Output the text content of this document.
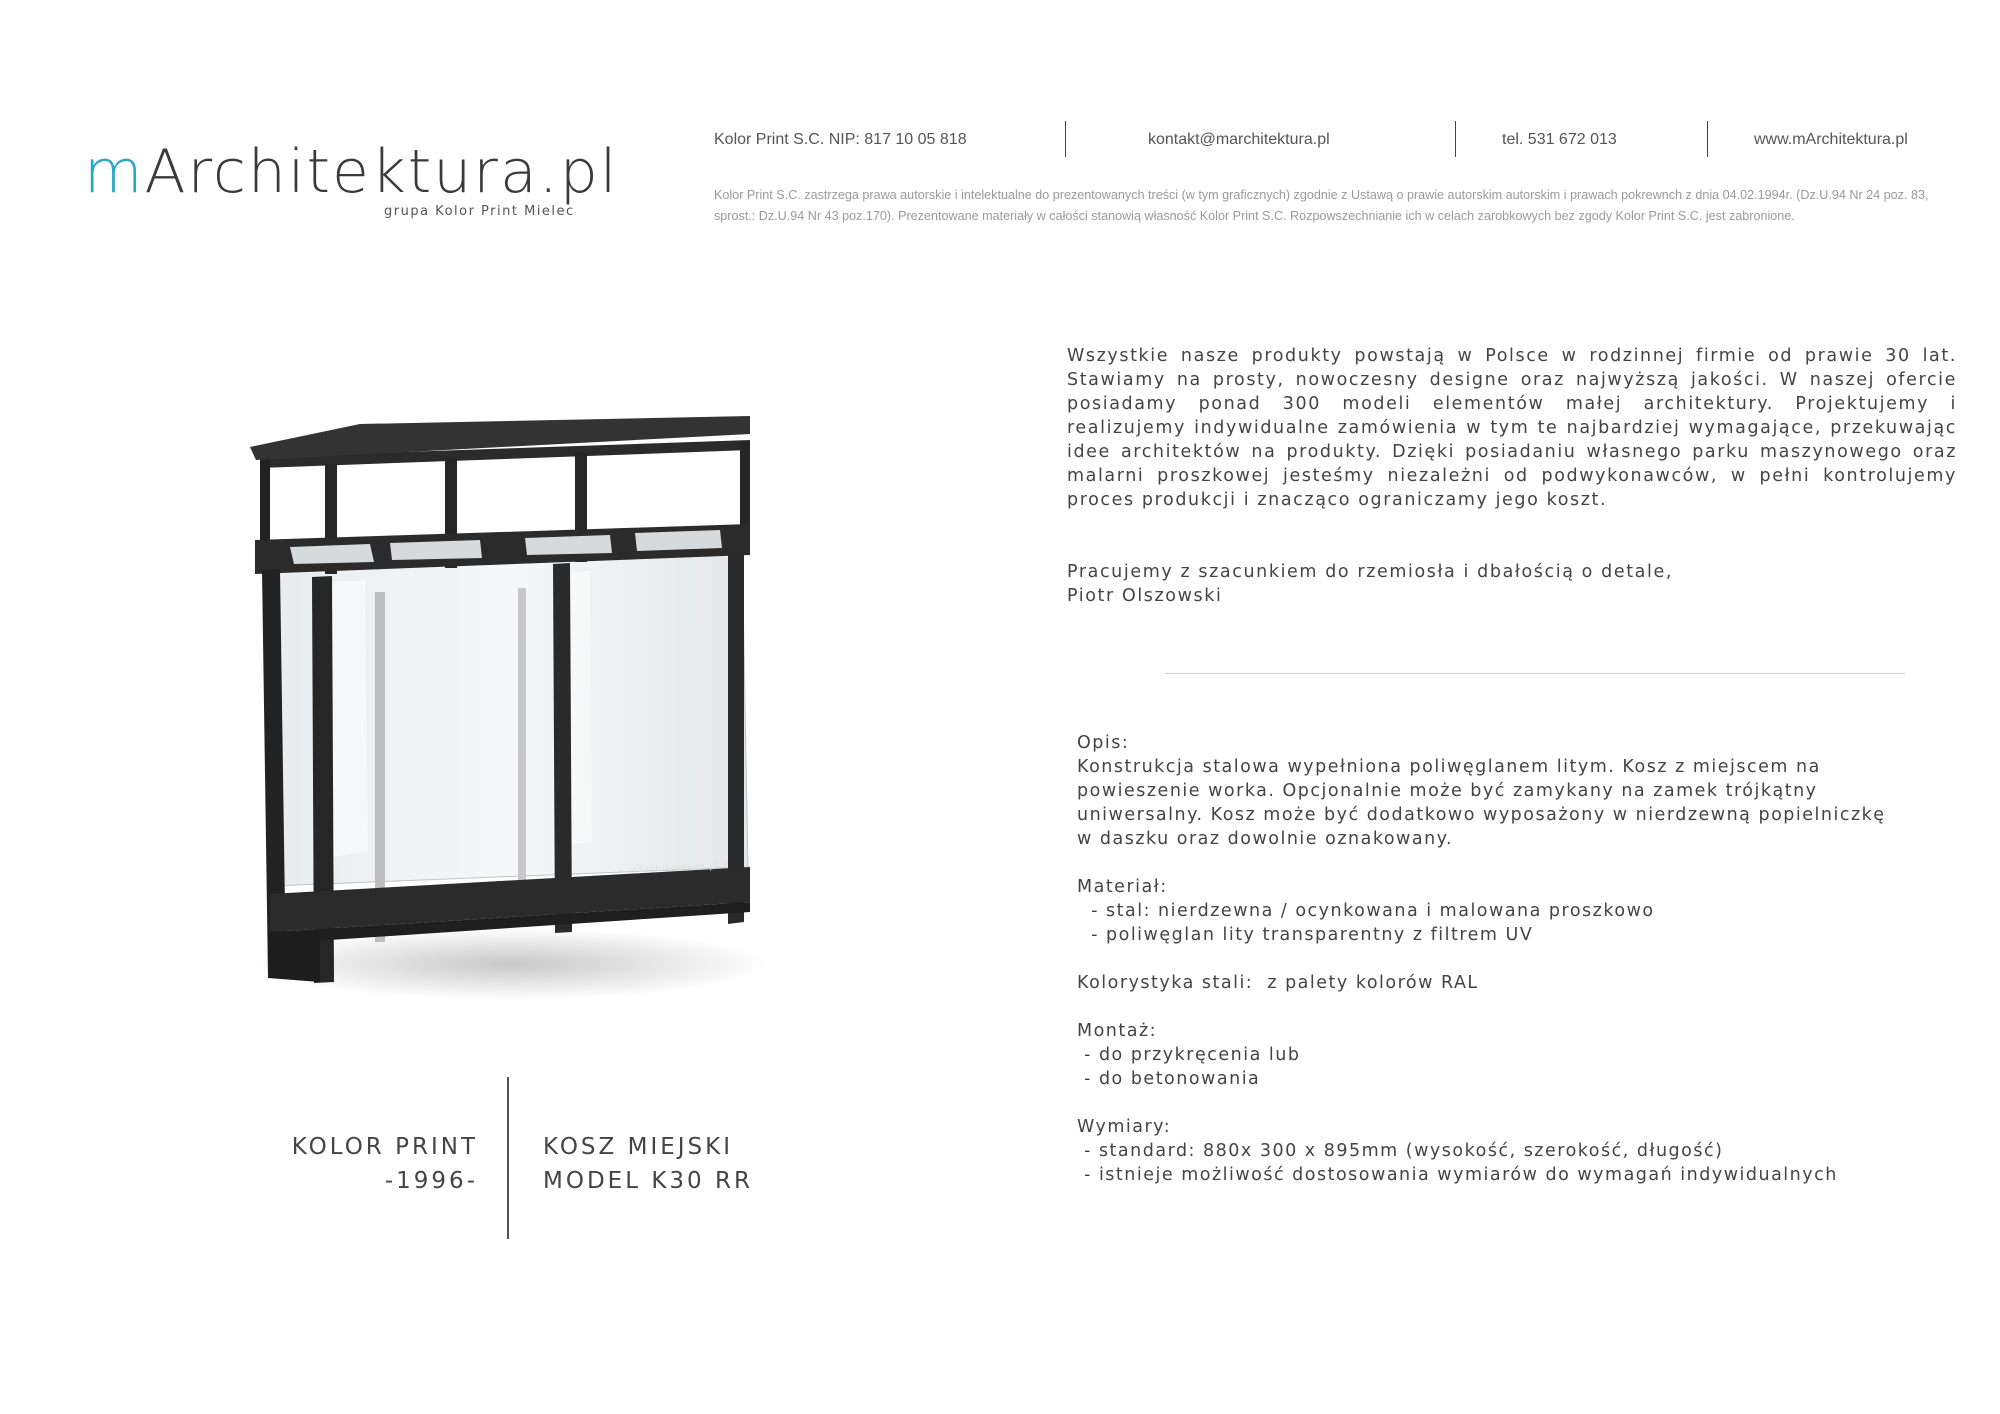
mArchitektura.pl
grupa Kolor Print Mielec
Kolor Print S.C. NIP: 817 10 05 818	kontakt@marchitektura.pl	tel. 531 672 013	www.mArchitektura.pl
Kolor Print S.C. zastrzega prawa autorskie i intelektualne do prezentowanych treści (w tym graficznych) zgodnie z Ustawą o prawie autorskim autorskim i prawach pokrewnch z dnia 04.02.1994r. (Dz.U.94 Nr 24 poz. 83, sprost.: Dz.U.94 Nr 43 poz.170). Prezentowane materiały w całości stanowią własność Kolor Print S.C. Rozpowszechnianie ich w celach zarobkowych bez zgody Kolor Print S.C. jest zabronione.
• mArchitektura.pl •

Wszystkie nasze produkty powstają w Polsce w rodzinnej firmie od prawie 30 lat. Stawiamy na prosty, nowoczesny designe oraz najwyższą jakości. W naszej ofercie posiadamy ponad 300 modeli elementów małej architektury. Projektujemy i realizujemy indywidualne zamówienia w tym te najbardziej wymagające, przekuwając idee architektów na produkty. Dzięki posiadaniu własnego parku maszynowego oraz malarni proszkowej jesteśmy niezależni od podwykonawców, w pełni kontrolujemy proces produkcji i znacząco ograniczamy jego koszt.

Pracujemy z szacunkiem do rzemiosła i dbałością o detale,
Piotr Olszowski
Opis:
Konstrukcja stalowa wypełniona poliwęglanem litym. Kosz z miejscem na
powieszenie worka. Opcjonalnie może być zamykany na zamek trójkątny
uniwersalny. Kosz może być dodatkowo wyposażony w nierdzewną popielniczkę
w daszku oraz dowolnie oznakowany.
Materiał:
- stal: nierdzewna / ocynkowana i malowana proszkowo
- poliwęglan lity transparentny z filtrem UV
Kolorystyka stali:  z palety kolorów RAL
Montaż:
- do przykręcenia lub
- do betonowania
Wymiary:
- standard: 880x 300 x 895mm (wysokość, szerokość, długość)
- istnieje możliwość dostosowania wymiarów do wymagań indywidualnych
KOLOR PRINT
-1996-
KOSZ MIEJSKI
MODEL K30 RR
